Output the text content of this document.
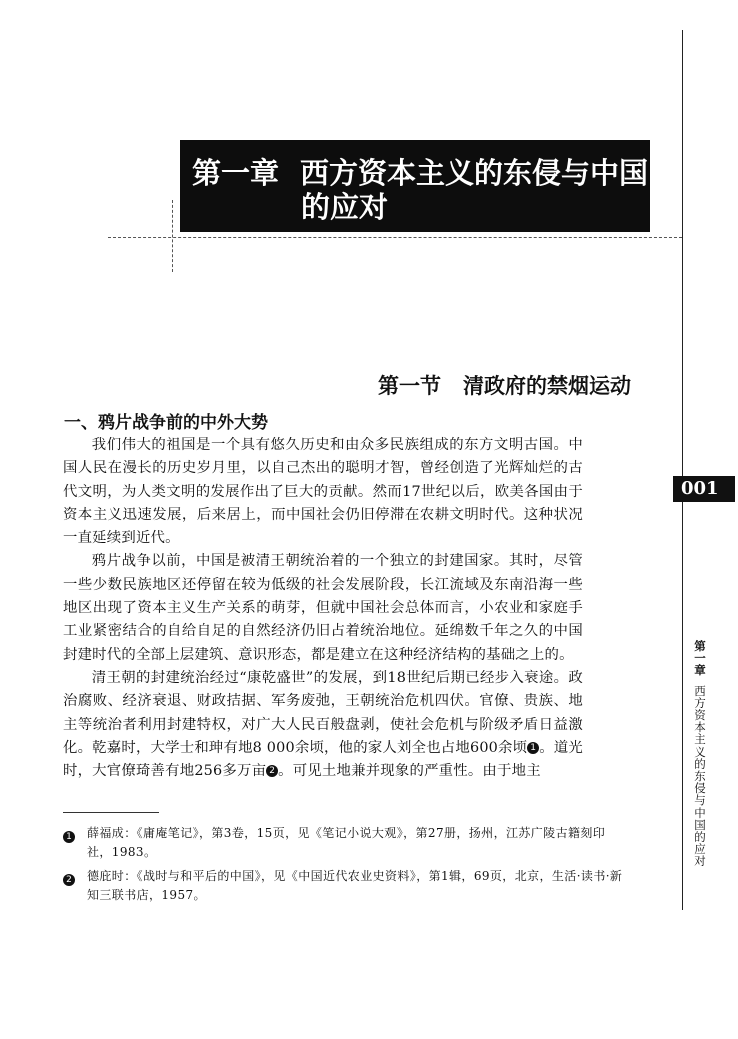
第一章 西方资本主义的东侵与中国
的应对
第一节 清政府的禁烟运动
一、鸦片战争前的中外大势

我们伟大的祖国是一个具有悠久历史和由众多民族组成的东方文明古国。中国人民在漫长的历史岁月里，以自己杰出的聪明才智，曾经创造了光辉灿烂的古代文明，为人类文明的发展作出了巨大的贡献。然而17世纪以后，欧美各国由于资本主义迅速发展，后来居上，而中国社会仍旧停滞在农耕文明时代。这种状况一直延续到近代。

鸦片战争以前，中国是被清王朝统治着的一个独立的封建国家。其时，尽管一些少数民族地区还停留在较为低级的社会发展阶段，长江流域及东南沿海一些地区出现了资本主义生产关系的萌芽，但就中国社会总体而言，小农业和家庭手工业紧密结合的自给自足的自然经济仍旧占着统治地位。延绵数千年之久的中国封建时代的全部上层建筑、意识形态，都是建立在这种经济结构的基础之上的。

清王朝的封建统治经过“康乾盛世”的发展，到18世纪后期已经步入衰途。政治腐败、经济衰退、财政拮据、军务废弛，王朝统治危机四伏。官僚、贵族、地主等统治者利用封建特权，对广大人民百般盘剥，使社会危机与阶级矛盾日益激化。乾嘉时，大学士和珅有地8 000余顷，他的家人刘全也占地600余顷 1 。道光时，大官僚琦善有地256多万亩 2 。可见土地兼并现象的严重性。由于地主

1	薛福成：《庸庵笔记》，第3卷，15页，见《笔记小说大观》，第27册，扬州，江苏广陵古籍刻印社，1983。
2	德庇时：《战时与和平后的中国》，见《中国近代农业史资料》，第1辑，69页，北京，生活·读书·新知三联书店，1957。
001
第一章
西方资本主义的东侵与中国的应对
